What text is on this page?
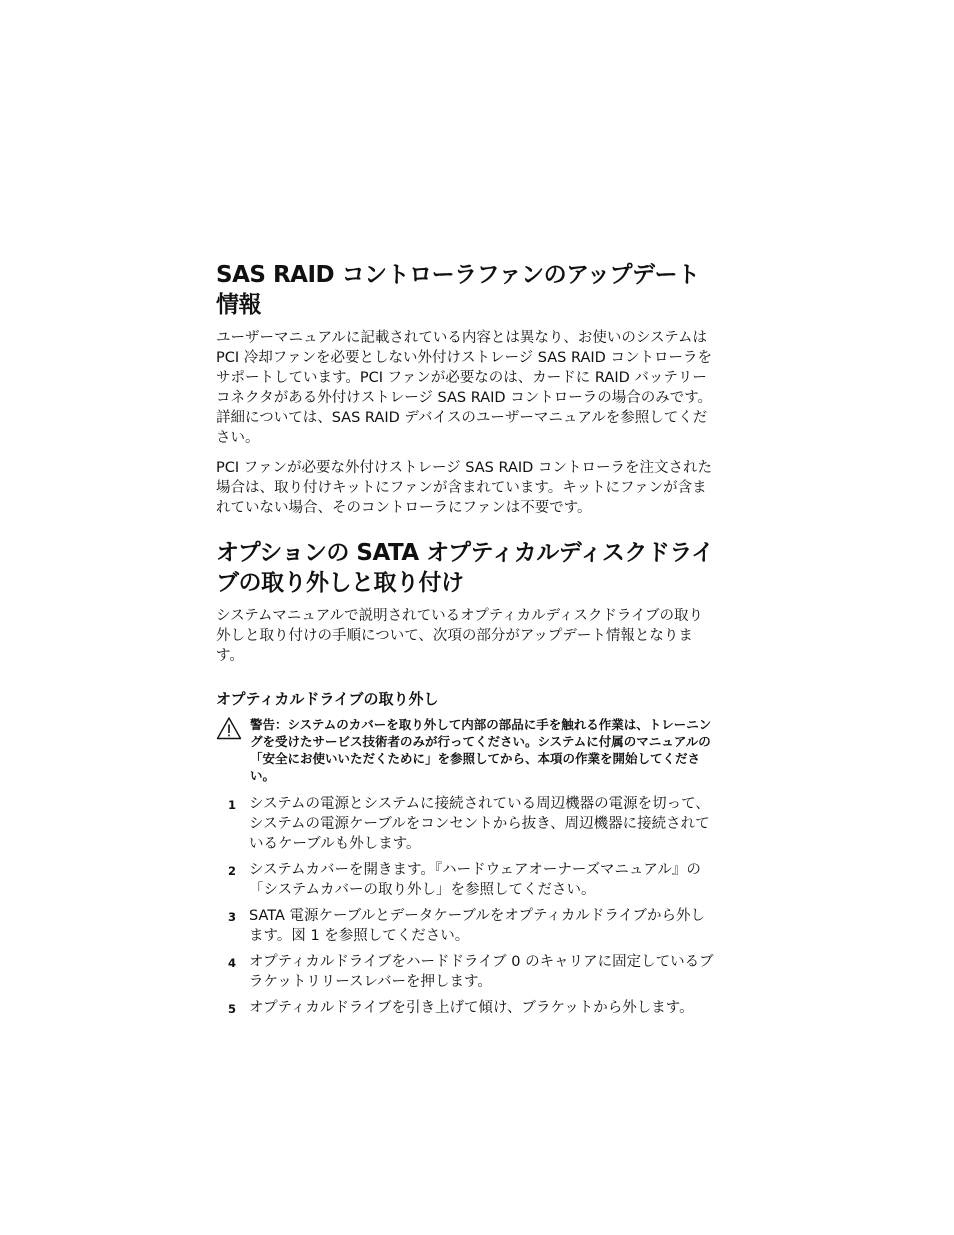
SAS RAID コントローラファンのアップデート情報

ユーザーマニュアルに記載されている内容とは異なり、お使いのシステムは PCI 冷却ファンを必要としない外付けストレージ SAS RAID コントローラをサポートしています。PCI ファンが必要なのは、カードに RAID バッテリーコネクタがある外付けストレージ SAS RAID コントローラの場合のみです。詳細については、SAS RAID デバイスのユーザーマニュアルを参照してください。

PCI ファンが必要な外付けストレージ SAS RAID コントローラを注文された場合は、取り付けキットにファンが含まれています。キットにファンが含まれていない場合、そのコントローラにファンは不要です。

オプションの SATA オプティカルディスクドライブの取り外しと取り付け

システムマニュアルで説明されているオプティカルディスクドライブの取り外しと取り付けの手順について、次項の部分がアップデート情報となります。

オプティカルドライブの取り外し
警告：システムのカバーを取り外して内部の部品に手を触れる作業は、トレーニングを受けたサービス技術者のみが行ってください。システムに付属のマニュアルの「安全にお使いいただくために」を参照してから、本項の作業を開始してください。
1 システムの電源とシステムに接続されている周辺機器の電源を切って、システムの電源ケーブルをコンセントから抜き、周辺機器に接続されているケーブルも外します。
2 システムカバーを開きます。『ハードウェアオーナーズマニュアル』の「システムカバーの取り外し」を参照してください。
3 SATA 電源ケーブルとデータケーブルをオプティカルドライブから外します。図 1 を参照してください。
4 オプティカルドライブをハードドライブ 0 のキャリアに固定しているブラケットリリースレバーを押します。
5 オプティカルドライブを引き上げて傾け、ブラケットから外します。
